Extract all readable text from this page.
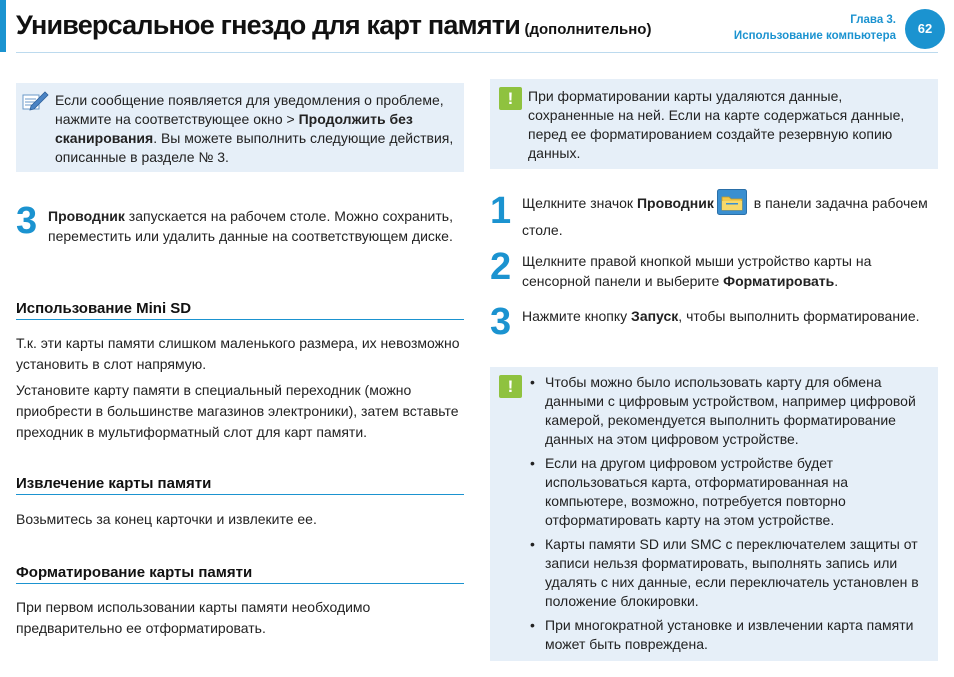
Универсальное гнездо для карт памяти (дополнительно)
Глава 3.
Использование компьютера	62
Если сообщение появляется для уведомления о проблеме, нажмите на соответствующее окно > Продолжить без сканирования. Вы можете выполнить следующие действия, описанные в разделе № 3.
3 Проводник запускается на рабочем столе. Можно сохранить, переместить или удалить данные на соответствующем диске.
Использование Mini SD
Т.к. эти карты памяти слишком маленького размера, их невозможно установить в слот напрямую.
Установите карту памяти в специальный переходник (можно приобрести в большинстве магазинов электроники), затем вставьте преходник в мультиформатный слот для карт памяти.
Извлечение карты памяти
Возьмитесь за конец карточки и извлеките ее.
Форматирование карты памяти
При первом использовании карты памяти необходимо предварительно ее отформатировать.
!	При форматировании карты удаляются данные, сохраненные на ней. Если на карте содержаться данные, перед ее форматированием создайте резервную копию данных.
1 Щелкните значок Проводник	в панели задачна рабочем столе.
2 Щелкните правой кнопкой мыши устройство карты на сенсорной панели и выберите Форматировать.
3 Нажмите кнопку Запуск, чтобы выполнить форматирование.
!
•	Чтобы можно было использовать карту для обмена данными с цифровым устройством, например цифровой камерой, рекомендуется выполнить форматирование данных на этом цифровом устройстве.
• Если на другом цифровом устройстве будет использоваться карта, отформатированная на компьютере, возможно, потребуется повторно отформатировать карту на этом устройстве.
• Карты памяти SD или SMC с переключателем защиты от записи нельзя форматировать, выполнять запись или удалять с них данные, если переключатель установлен в положение блокировки.
• При многократной установке и извлечении карта памяти может быть повреждена.
